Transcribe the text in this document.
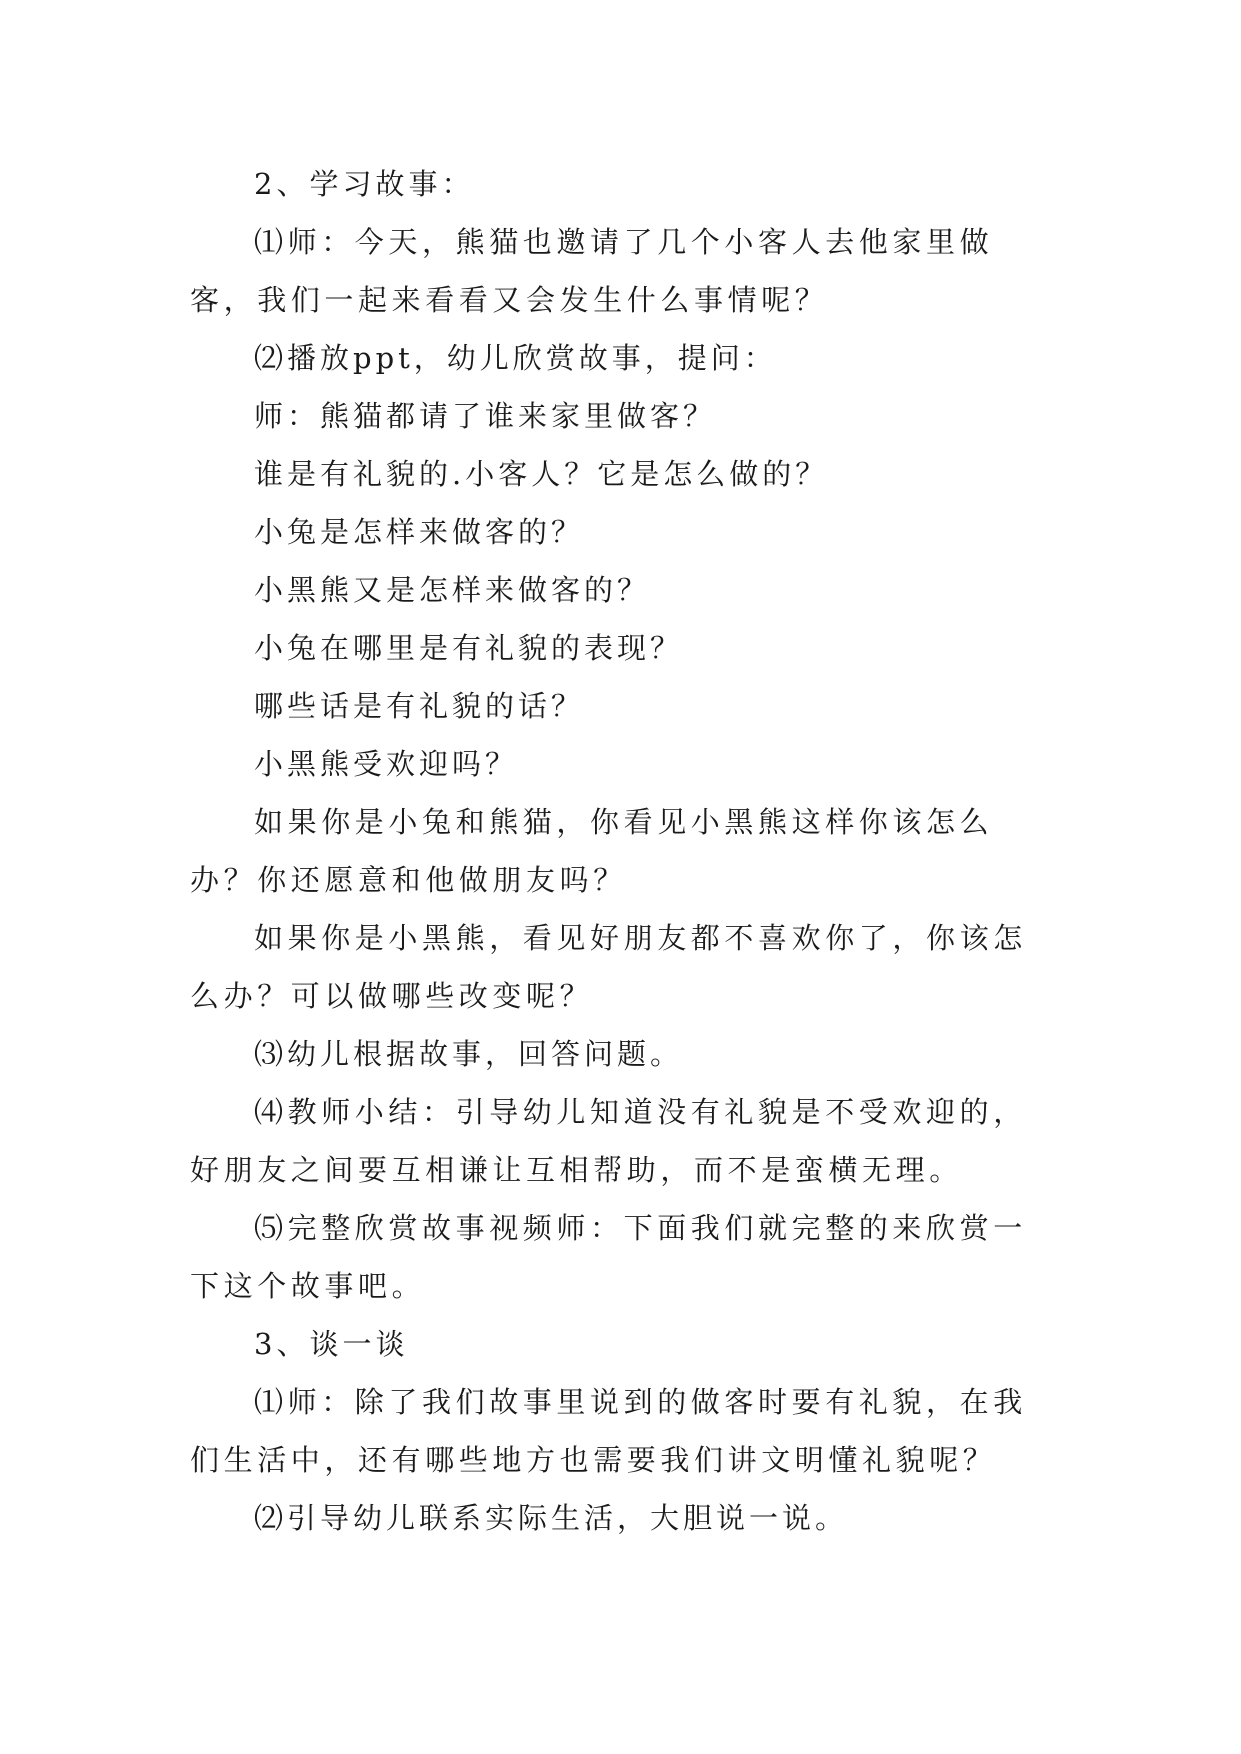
2、学习故事：

⑴师：今天，熊猫也邀请了几个小客人去他家里做客，我们一起来看看又会发生什么事情呢？

⑵播放ppt，幼儿欣赏故事，提问：

师：熊猫都请了谁来家里做客？

谁是有礼貌的.小客人？它是怎么做的？

小兔是怎样来做客的？

小黑熊又是怎样来做客的？

小兔在哪里是有礼貌的表现？

哪些话是有礼貌的话？

小黑熊受欢迎吗？

如果你是小兔和熊猫，你看见小黑熊这样你该怎么办？你还愿意和他做朋友吗？

如果你是小黑熊，看见好朋友都不喜欢你了，你该怎么办？可以做哪些改变呢？

⑶幼儿根据故事，回答问题。

⑷教师小结：引导幼儿知道没有礼貌是不受欢迎的，好朋友之间要互相谦让互相帮助，而不是蛮横无理。

⑸完整欣赏故事视频师：下面我们就完整的来欣赏一下这个故事吧。

3、谈一谈

⑴师：除了我们故事里说到的做客时要有礼貌，在我们生活中，还有哪些地方也需要我们讲文明懂礼貌呢？

⑵引导幼儿联系实际生活，大胆说一说。
